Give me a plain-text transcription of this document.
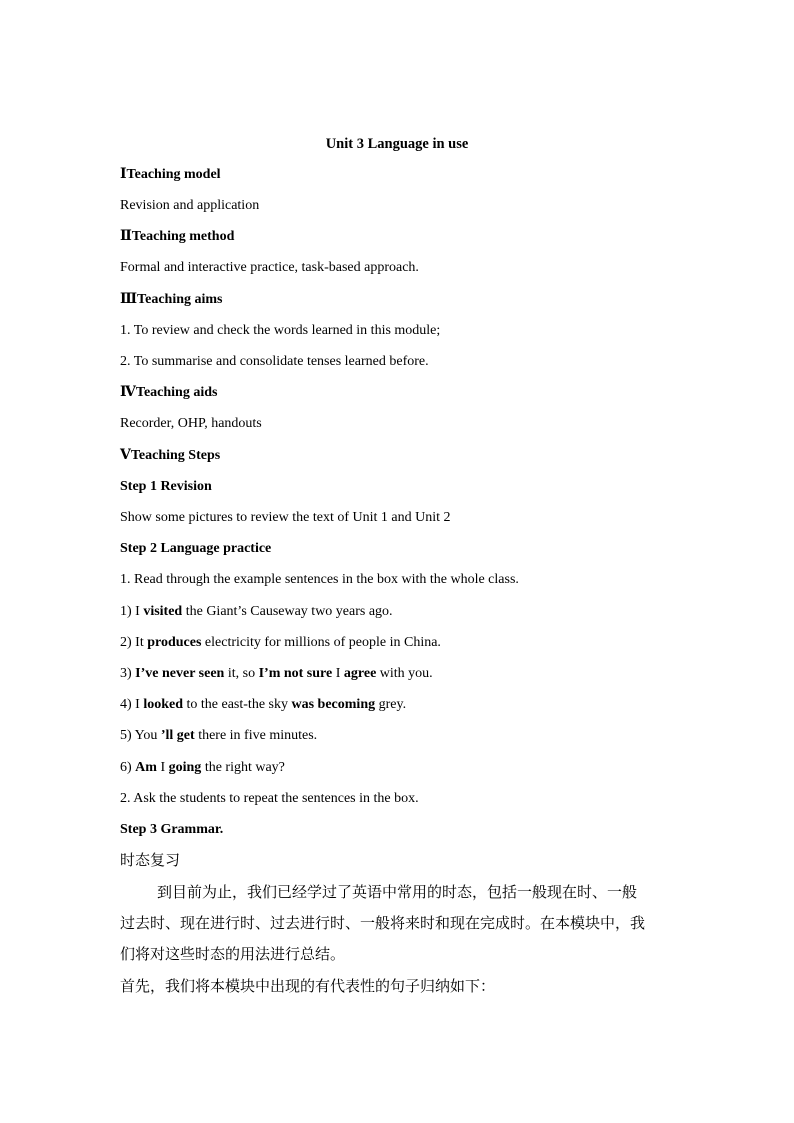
Unit 3 Language in use
ⅠTeaching model
Revision and application
ⅡTeaching method
Formal and interactive practice, task-based approach.
ⅢTeaching aims
1. To review and check the words learned in this module;
2. To summarise and consolidate tenses learned before.
ⅣTeaching aids
Recorder, OHP, handouts
ⅤTeaching Steps
Step 1 Revision
Show some pictures to review the text of Unit 1 and Unit 2
Step 2 Language practice
1. Read through the example sentences in the box with the whole class.
1) I visited the Giant’s Causeway two years ago.
2) It produces electricity for millions of people in China.
3) I’ve never seen it, so I’m not sure I agree with you.
4) I looked to the east-the sky was becoming grey.
5) You ’ll get there in five minutes.
6) Am I going the right way?
2. Ask the students to repeat the sentences in the box.
Step 3 Grammar.
时态复习
到目前为止，我们已经学过了英语中常用的时态，包括一般现在时、一般
过去时、现在进行时、过去进行时、一般将来时和现在完成时。在本模块中，我
们将对这些时态的用法进行总结。
首先，我们将本模块中出现的有代表性的句子归纳如下：
